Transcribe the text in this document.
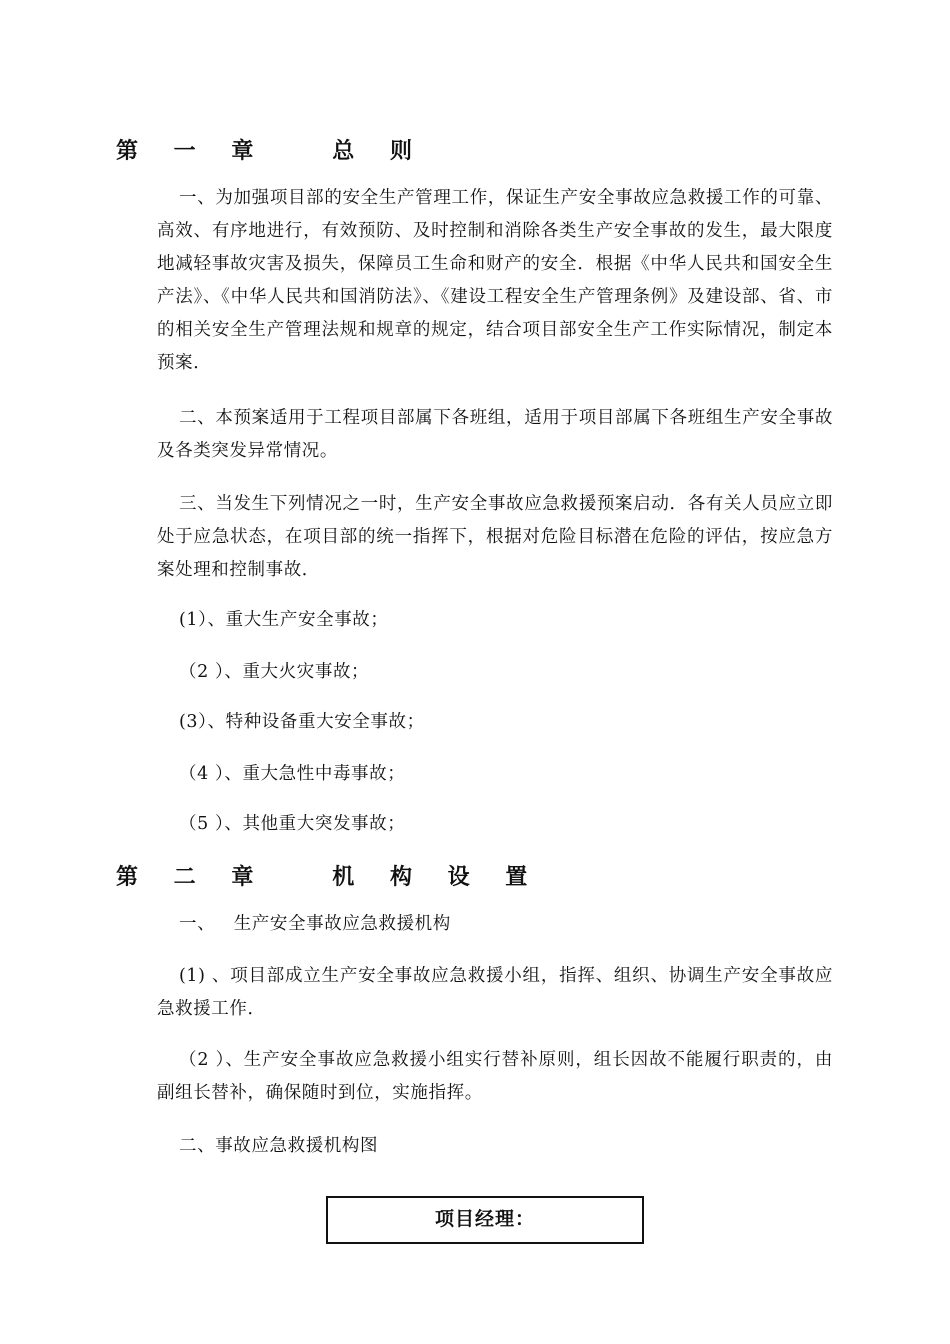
第 一 章   总 则

一、为加强项目部的安全生产管理工作，保证生产安全事故应急救援工作的可靠、高效、有序地进行，有效预防、及时控制和消除各类生产安全事故的发生，最大限度地减轻事故灾害及损失，保障员工生命和财产的安全．根据《中华人民共和国安全生产法》、《中华人民共和国消防法》、《建设工程安全生产管理条例》及建设部、省、市的相关安全生产管理法规和规章的规定，结合项目部安全生产工作实际情况，制定本预案．

二、本预案适用于工程项目部属下各班组，适用于项目部属下各班组生产安全事故及各类突发异常情况。

三、当发生下列情况之一时，生产安全事故应急救援预案启动．各有关人员应立即处于应急状态，在项目部的统一指挥下，根据对危险目标潜在危险的评估，按应急方案处理和控制事故．

(1）、重大生产安全事故；

（2 ）、重大火灾事故；

(3）、特种设备重大安全事故；

（4 ）、重大急性中毒事故；

（5 ）、其他重大突发事故；

第 二 章   机 构 设 置

一、   生产安全事故应急救援机构

(1) 、项目部成立生产安全事故应急救援小组，指挥、组织、协调生产安全事故应急救援工作．

（2 ）、生产安全事故应急救援小组实行替补原则，组长因故不能履行职责的，由副组长替补，确保随时到位，实施指挥。

二、事故应急救援机构图

项目经理：
